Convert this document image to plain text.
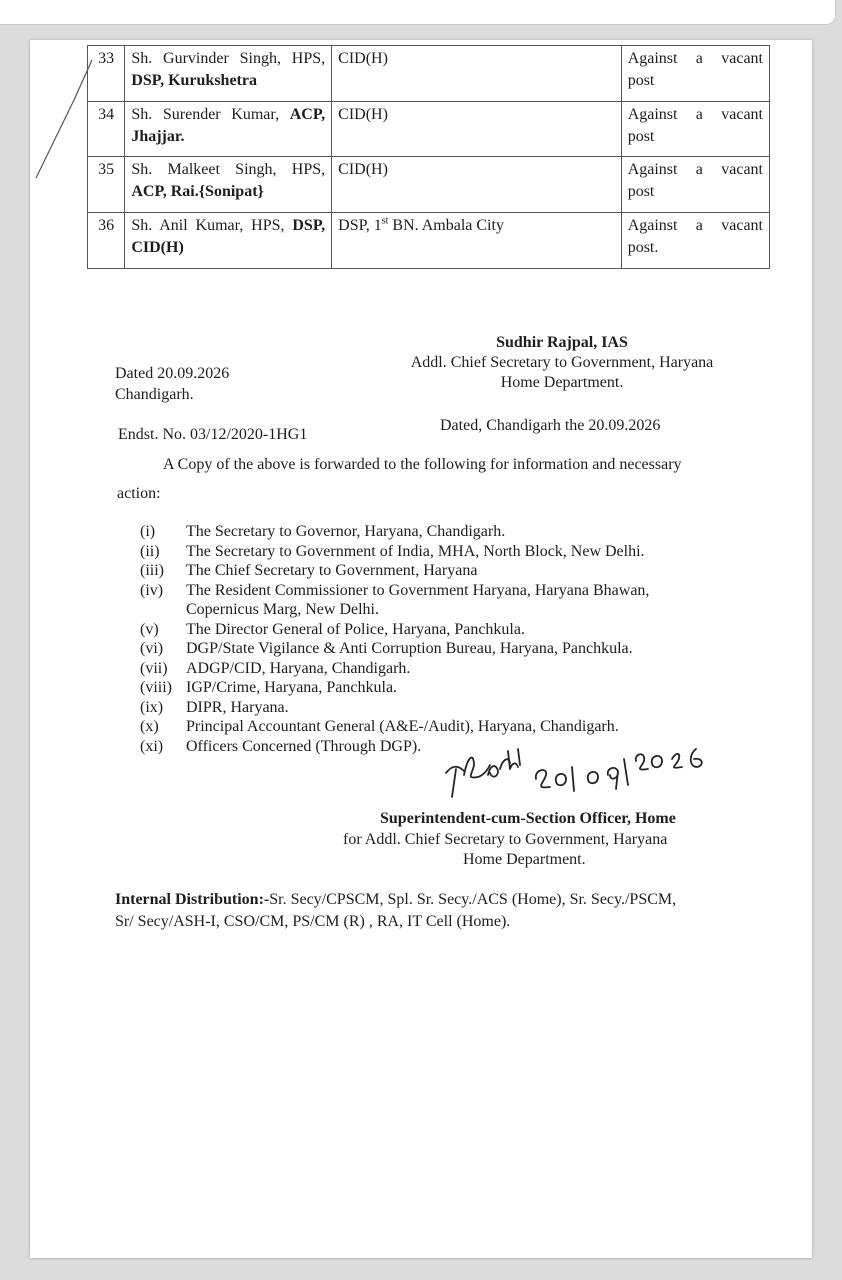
33	Sh. Gurvinder Singh, HPS, DSP, Kurukshetra	CID(H)	Against a vacant post
34	Sh. Surender Kumar, ACP, Jhajjar.	CID(H)	Against a vacant post
35	Sh. Malkeet Singh, HPS, ACP, Rai.{Sonipat}	CID(H)	Against a vacant post
36	Sh. Anil Kumar, HPS, DSP, CID(H)	DSP, 1st BN. Ambala City	Against a vacant post.
Sudhir Rajpal, IAS
Addl. Chief Secretary to Government, Haryana
Home Department.
Dated 20.09.2026
Chandigarh.
Endst. No. 03/12/2020-1HG1
Dated, Chandigarh the 20.09.2026
A Copy of the above is forwarded to the following for information and necessary
action:
(i)	The Secretary to Governor, Haryana, Chandigarh.
(ii)	The Secretary to Government of India, MHA, North Block, New Delhi.
(iii)	The Chief Secretary to Government, Haryana
(iv)	The Resident Commissioner to Government Haryana, Haryana Bhawan,
Copernicus Marg, New Delhi.
(v)	The Director General of Police, Haryana, Panchkula.
(vi)	DGP/State Vigilance & Anti Corruption Bureau, Haryana, Panchkula.
(vii)	ADGP/CID, Haryana, Chandigarh.
(viii) IGP/Crime, Haryana, Panchkula.
(ix)	DIPR, Haryana.
(x)	Principal Accountant General (A&E-/Audit), Haryana, Chandigarh.
(xi)	Officers Concerned (Through DGP).
Superintendent-cum-Section Officer, Home
for Addl. Chief Secretary to Government, Haryana
Home Department.
Internal Distribution:-Sr. Secy/CPSCM, Spl. Sr. Secy./ACS (Home), Sr. Secy./PSCM,
Sr/ Secy/ASH-I, CSO/CM, PS/CM (R) , RA, IT Cell (Home).
